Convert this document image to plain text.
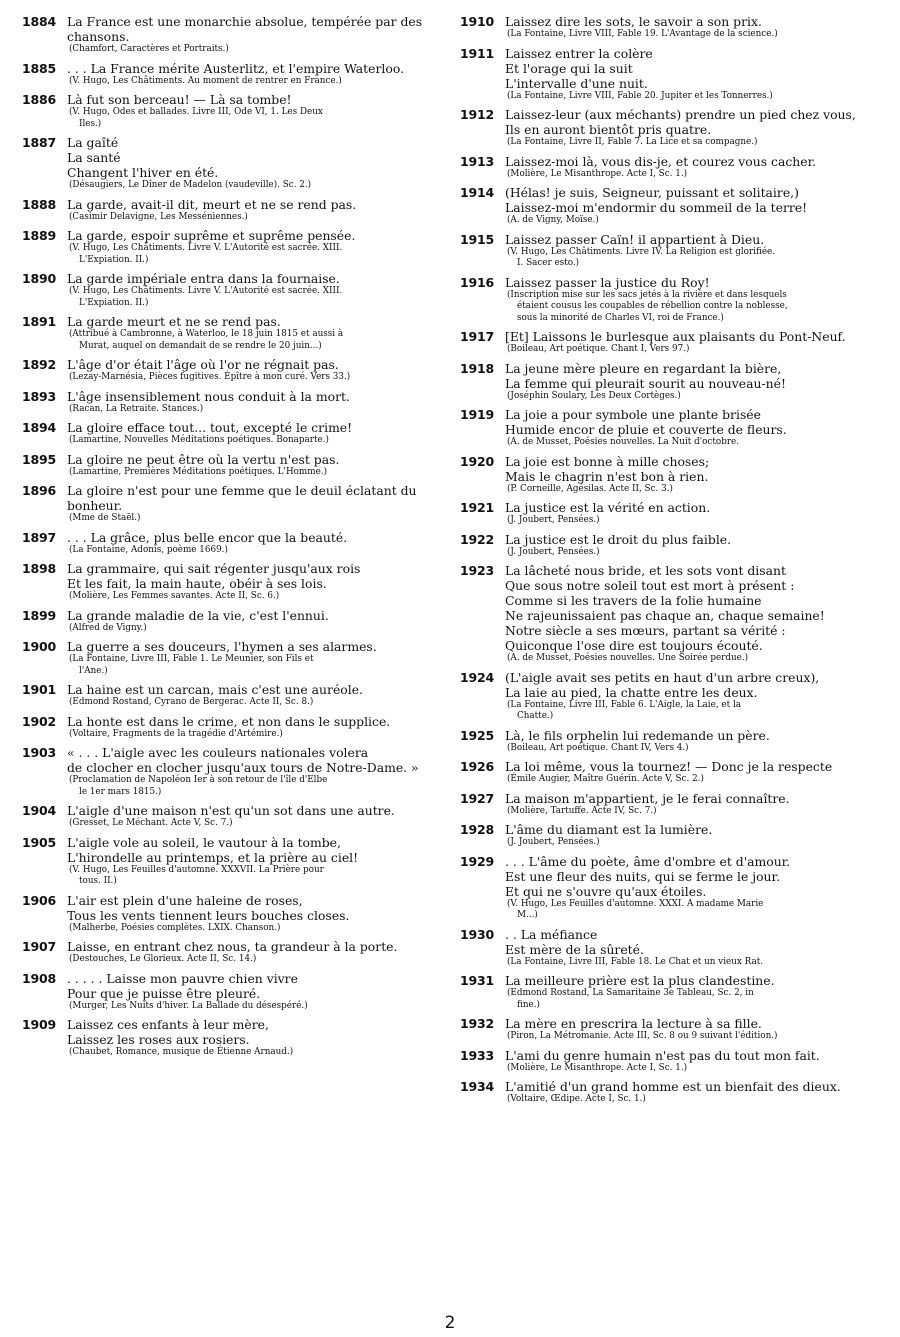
1884 La France est une monarchie absolue, tempérée par des
chansons.
(Chamfort, Caractères et Portraits.)
1885 . . . La France mérite Austerlitz, et l'empire Waterloo.
(V. Hugo, Les Châtiments. Au moment de rentrer en France.)
1886 Là fut son berceau! — Là sa tombe!
(V. Hugo, Odes et ballades. Livre III, Ode VI, 1. Les Deux
Iles.)
1887 La gaîté
La santé
Changent l'hiver en été.
(Désaugiers, Le Dîner de Madelon (vaudeville). Sc. 2.)
1888 La garde, avait-il dit, meurt et ne se rend pas.
(Casimir Delavigne, Les Messéniennes.)
1889 La garde, espoir suprême et suprême pensée.
(V. Hugo, Les Châtiments. Livre V. L'Autorité est sacrée. XIII.
L'Expiation. II.)
1890 La garde impériale entra dans la fournaise.
(V. Hugo, Les Châtiments. Livre V. L'Autorité est sacrée. XIII.
L'Expiation. II.)
1891 La garde meurt et ne se rend pas.
(Attribué à Cambronne, à Waterloo, le 18 juin 1815 et aussi à
Murat, auquel on demandait de se rendre le 20 juin...)
1892 L'âge d'or était l'âge où l'or ne régnait pas.
(Lezay-Marnésia, Pièces fugitives. Épître à mon curé. Vers 33.)
1893 L'âge insensiblement nous conduit à la mort.
(Racan, La Retraite. Stances.)
1894 La gloire efface tout... tout, excepté le crime!
(Lamartine, Nouvelles Méditations poétiques. Bonaparte.)
1895 La gloire ne peut être où la vertu n'est pas.
(Lamartine, Premières Méditations poétiques. L'Homme.)
1896 La gloire n'est pour une femme que le deuil éclatant du
bonheur.
(Mme de Staël.)
1897 . . . La grâce, plus belle encor que la beauté.
(La Fontaine, Adonis, poème 1669.)
1898 La grammaire, qui sait régenter jusqu'aux rois
Et les fait, la main haute, obéir à ses lois.
(Molière, Les Femmes savantes. Acte II, Sc. 6.)
1899 La grande maladie de la vie, c'est l'ennui.
(Alfred de Vigny.)
1900 La guerre a ses douceurs, l'hymen a ses alarmes.
(La Fontaine, Livre III, Fable 1. Le Meunier, son Fils et
l'Ane.)
1901 La haine est un carcan, mais c'est une auréole.
(Edmond Rostand, Cyrano de Bergerac. Acte II, Sc. 8.)
1902 La honte est dans le crime, et non dans le supplice.
(Voltaire, Fragments de la tragédie d'Artémire.)
1903 « . . . L'aigle avec les couleurs nationales volera
de clocher en clocher jusqu'aux tours de Notre-Dame. »
(Proclamation de Napoléon Ier à son retour de l'île d'Elbe
le 1er mars 1815.)
1904 L'aigle d'une maison n'est qu'un sot dans une autre.
(Gresset, Le Méchant. Acte V, Sc. 7.)
1905 L'aigle vole au soleil, le vautour à la tombe,
L'hirondelle au printemps, et la prière au ciel!
(V. Hugo, Les Feuilles d'automne. XXXVII. La Prière pour
tous. II.)
1906 L'air est plein d'une haleine de roses,
Tous les vents tiennent leurs bouches closes.
(Malherbe, Poésies complètes. LXIX. Chanson.)
1907 Laisse, en entrant chez nous, ta grandeur à la porte.
(Destouches, Le Glorieux. Acte II, Sc. 14.)
1908 . . . . . Laisse mon pauvre chien vivre
Pour que je puisse être pleuré.
(Murger, Les Nuits d'hiver. La Ballade du désespéré.)
1909 Laissez ces enfants à leur mère,
Laissez les roses aux rosiers.
(Chaubet, Romance, musique de Étienne Arnaud.)
1910 Laissez dire les sots, le savoir a son prix.
(La Fontaine, Livre VIII, Fable 19. L'Avantage de la science.)
1911 Laissez entrer la colère
Et l'orage qui la suit
L'intervalle d'une nuit.
(La Fontaine, Livre VIII, Fable 20. Jupiter et les Tonnerres.)
1912 Laissez-leur (aux méchants) prendre un pied chez vous,
Ils en auront bientôt pris quatre.
(La Fontaine, Livre II, Fable 7. La Lice et sa compagne.)
1913 Laissez-moi là, vous dis-je, et courez vous cacher.
(Molière, Le Misanthrope. Acte I, Sc. 1.)
1914 (Hélas! je suis, Seigneur, puissant et solitaire,)
Laissez-moi m'endormir du sommeil de la terre!
(A. de Vigny, Moïse.)
1915 Laissez passer Caïn! il appartient à Dieu.
(V. Hugo, Les Châtiments. Livre IV. La Religion est glorifiée.
I. Sacer esto.)
1916 Laissez passer la justice du Roy!
(Inscription mise sur les sacs jetés à la rivière et dans lesquels
étaient cousus les coupables de rébellion contre la noblesse,
sous la minorité de Charles VI, roi de France.)
1917 [Et] Laissons le burlesque aux plaisants du Pont-Neuf.
(Boileau, Art poétique. Chant I, Vers 97.)
1918 La jeune mère pleure en regardant la bière,
La femme qui pleurait sourit au nouveau-né!
(Joséphin Soulary, Les Deux Cortèges.)
1919 La joie a pour symbole une plante brisée
Humide encor de pluie et couverte de fleurs.
(A. de Musset, Poésies nouvelles. La Nuit d'octobre.
1920 La joie est bonne à mille choses;
Mais le chagrin n'est bon à rien.
(P. Corneille, Agésilas. Acte II, Sc. 3.)
1921 La justice est la vérité en action.
(J. Joubert, Pensées.)
1922 La justice est le droit du plus faible.
(J. Joubert, Pensées.)
1923 La lâcheté nous bride, et les sots vont disant
Que sous notre soleil tout est mort à présent :
Comme si les travers de la folie humaine
Ne rajeunissaient pas chaque an, chaque semaine!
Notre siècle a ses mœurs, partant sa vérité :
Quiconque l'ose dire est toujours écouté.
(A. de Musset, Poésies nouvelles. Une Soirée perdue.)
1924 (L'aigle avait ses petits en haut d'un arbre creux),
La laie au pied, la chatte entre les deux.
(La Fontaine, Livre III, Fable 6. L'Aigle, la Laie, et la
Chatte.)
1925 Là, le fils orphelin lui redemande un père.
(Boileau, Art poétique. Chant IV, Vers 4.)
1926 La loi même, vous la tournez! — Donc je la respecte
(Émile Augier, Maître Guérin. Acte V, Sc. 2.)
1927 La maison m'appartient, je le ferai connaître.
(Molière, Tartuffe. Acte IV, Sc. 7.)
1928 L'âme du diamant est la lumière.
(J. Joubert, Pensées.)
1929 . . . L'âme du poète, âme d'ombre et d'amour.
Est une fleur des nuits, qui se ferme le jour.
Et qui ne s'ouvre qu'aux étoiles.
(V. Hugo, Les Feuilles d'automne. XXXI. A madame Marie
M...)
1930 . . La méfiance
Est mère de la sûreté.
(La Fontaine, Livre III, Fable 18. Le Chat et un vieux Rat.
1931 La meilleure prière est la plus clandestine.
(Edmond Rostand, La Samaritaine 3e Tableau, Sc. 2, in
fine.)
1932 La mère en prescrira la lecture à sa fille.
(Piron, La Métromanie. Acte III, Sc. 8 ou 9 suivant l'édition.)
1933 L'ami du genre humain n'est pas du tout mon fait.
(Molière, Le Misanthrope. Acte I, Sc. 1.)
1934 L'amitié d'un grand homme est un bienfait des dieux.
(Voltaire, Œdipe. Acte I, Sc. 1.)
2
